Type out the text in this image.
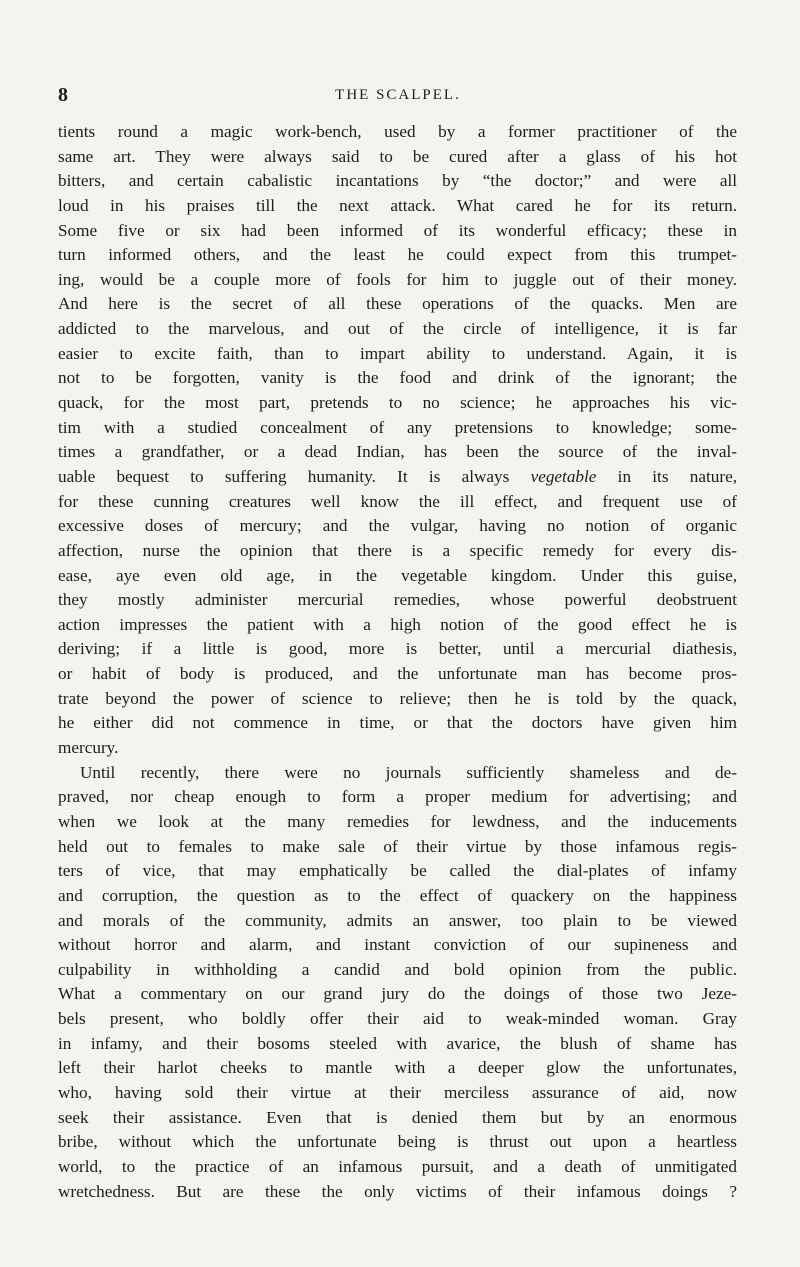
8	THE SCALPEL.
tients round a magic work-bench, used by a former practitioner of the
same art. They were always said to be cured after a glass of his hot
bitters, and certain cabalistic incantations by “the doctor;” and were all
loud in his praises till the next attack. What cared he for its return.
Some five or six had been informed of its wonderful efficacy; these in
turn informed others, and the least he could expect from this trumpet-
ing, would be a couple more of fools for him to juggle out of their money.
And here is the secret of all these operations of the quacks. Men are
addicted to the marvelous, and out of the circle of intelligence, it is far
easier to excite faith, than to impart ability to understand. Again, it is
not to be forgotten, vanity is the food and drink of the ignorant; the
quack, for the most part, pretends to no science; he approaches his vic-
tim with a studied concealment of any pretensions to knowledge; some-
times a grandfather, or a dead Indian, has been the source of the inval-
uable bequest to suffering humanity. It is always vegetable in its nature,
for these cunning creatures well know the ill effect, and frequent use of
excessive doses of mercury; and the vulgar, having no notion of organic
affection, nurse the opinion that there is a specific remedy for every dis-
ease, aye even old age, in the vegetable kingdom. Under this guise,
they mostly administer mercurial remedies, whose powerful deobstruent
action impresses the patient with a high notion of the good effect he is
deriving; if a little is good, more is better, until a mercurial diathesis,
or habit of body is produced, and the unfortunate man has become pros-
trate beyond the power of science to relieve; then he is told by the quack,
he either did not commence in time, or that the doctors have given him
mercury.
Until recently, there were no journals sufficiently shameless and de-
praved, nor cheap enough to form a proper medium for advertising; and
when we look at the many remedies for lewdness, and the inducements
held out to females to make sale of their virtue by those infamous regis-
ters of vice, that may emphatically be called the dial-plates of infamy
and corruption, the question as to the effect of quackery on the happiness
and morals of the community, admits an answer, too plain to be viewed
without horror and alarm, and instant conviction of our supineness and
culpability in withholding a candid and bold opinion from the public.
What a commentary on our grand jury do the doings of those two Jeze-
bels present, who boldly offer their aid to weak-minded woman. Gray
in infamy, and their bosoms steeled with avarice, the blush of shame has
left their harlot cheeks to mantle with a deeper glow the unfortunates,
who, having sold their virtue at their merciless assurance of aid, now
seek their assistance. Even that is denied them but by an enormous
bribe, without which the unfortunate being is thrust out upon a heartless
world, to the practice of an infamous pursuit, and a death of unmitigated
wretchedness. But are these the only victims of their infamous doings ?
